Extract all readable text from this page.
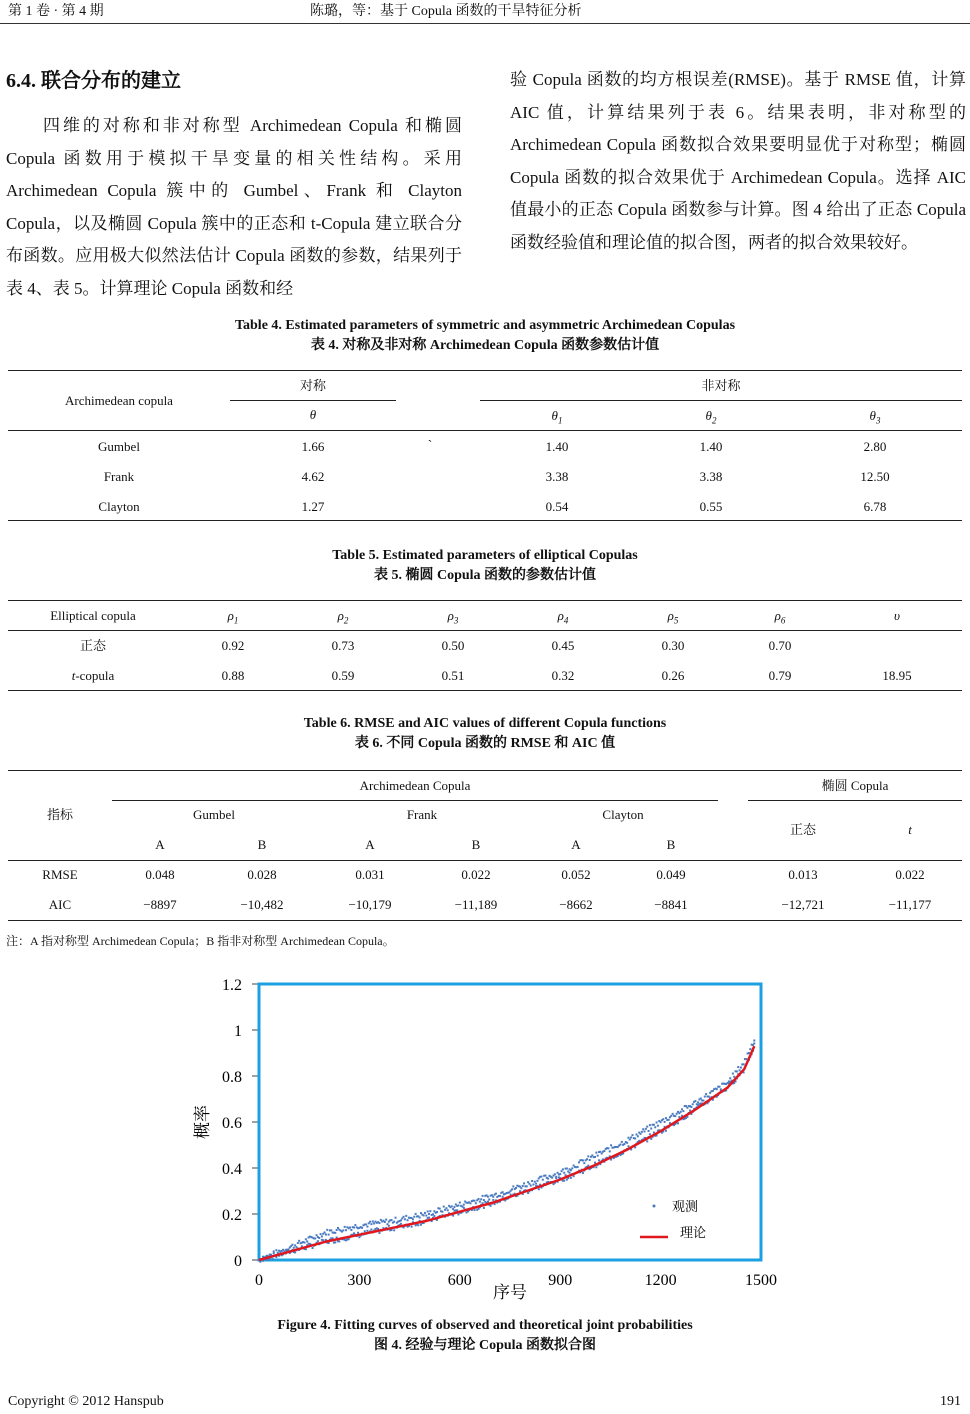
第 1 卷 · 第 4 期	陈璐，等：基于 Copula 函数的干旱特征分析
6.4. 联合分布的建立
四维的对称和非对称型 Archimedean Copula 和椭圆 Copula 函数用于模拟干旱变量的相关性结构。采用 Archimedean Copula 簇中的 Gumbel、Frank 和 Clayton Copula，以及椭圆 Copula 簇中的正态和 t-Copula 建立联合分布函数。应用极大似然法估计 Copula 函数的参数，结果列于表 4、表 5。计算理论 Copula 函数和经
验 Copula 函数的均方根误差(RMSE)。基于 RMSE 值，计算 AIC 值，计算结果列于表 6。结果表明，非对称型的 Archimedean Copula 函数拟合效果要明显优于对称型；椭圆 Copula 函数的拟合效果优于 Archimedean Copula。选择 AIC 值最小的正态 Copula 函数参与计算。图 4 给出了正态 Copula 函数经验值和理论值的拟合图，两者的拟合效果较好。
Table 4. Estimated parameters of symmetric and asymmetric Archimedean Copulas
表 4. 对称及非对称 Archimedean Copula 函数参数估计值
Archimedean copula
对称	非对称
θ	$\theta_1$	$\theta_2$	$\theta_3$
`
Gumbel	1.66	1.40	1.40	2.80
Frank	4.62	3.38	3.38	12.50
Clayton	1.27	0.54	0.55	6.78
Table 5. Estimated parameters of elliptical Copulas
表 5. 椭圆 Copula 函数的参数估计值
Elliptical copula	$\rho_1$	$\rho_2$	$\rho_3$	$\rho_4$	$\rho_5$	$\rho_6$	υ
正态	0.92	0.73	0.50	0.45	0.30	0.70
t-copula	0.88	0.59	0.51	0.32	0.26	0.79	18.95
Table 6. RMSE and AIC values of different Copula functions
表 6. 不同 Copula 函数的 RMSE 和 AIC 值
指标
Archimedean Copula	椭圆 Copula
Gumbel	Frank	Clayton
A	B	A	B	A	B
正态	t
RMSE	0.048	0.028	0.031	0.022	0.052	0.049	0.013	0.022
AIC	−8897	−10,482	−10,179	−11,189	−8662	−8841	−12,721	−11,177
注：A 指对称型 Archimedean Copula；B 指非对称型 Archimedean Copula。
0
0.2
0.4
0.6
0.8
1
1.2
0	300	600	900	1200	1500
序号
概率
观测
理论
Figure 4. Fitting curves of observed and theoretical joint probabilities
图 4. 经验与理论 Copula 函数拟合图
Copyright © 2012 Hanspub	191
